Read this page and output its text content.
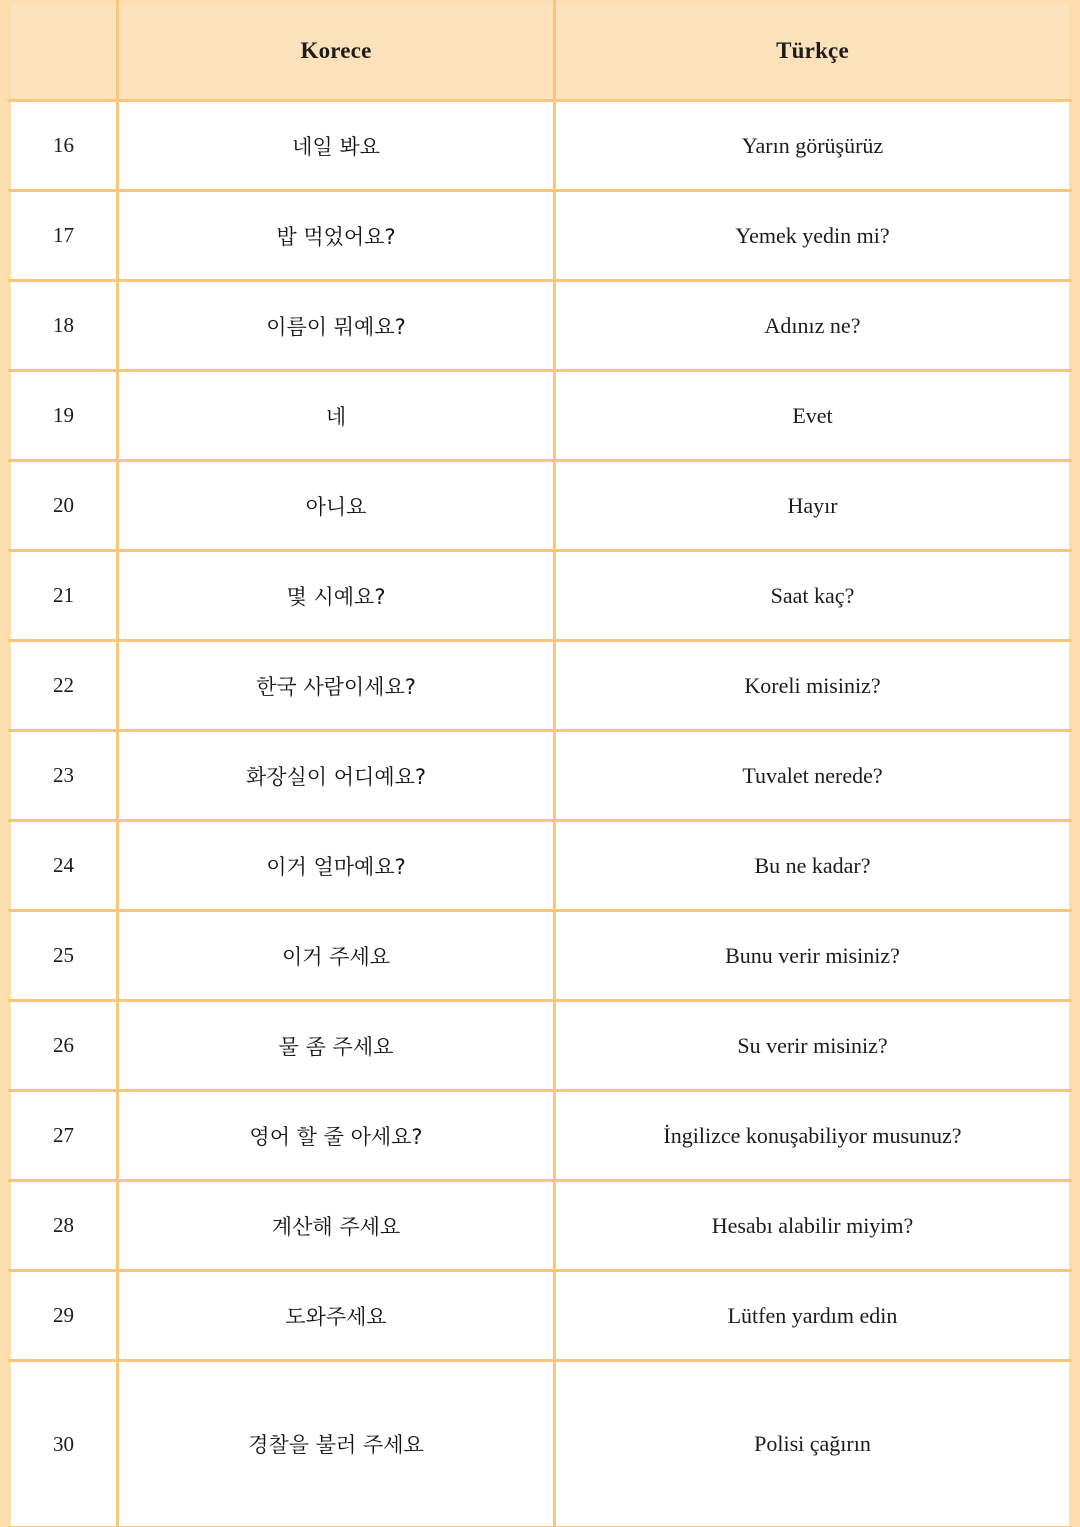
	Korece	Türkçe
16	네일 봐요	Yarın görüşürüz
17	밥 먹었어요?	Yemek yedin mi?
18	이름이 뭐예요?	Adınız ne?
19	네	Evet
20	아니요	Hayır
21	몇 시예요?	Saat kaç?
22	한국 사람이세요?	Koreli misiniz?
23	화장실이 어디예요?	Tuvalet nerede?
24	이거 얼마예요?	Bu ne kadar?
25	이거 주세요	Bunu verir misiniz?
26	물 좀 주세요	Su verir misiniz?
27	영어 할 줄 아세요?	İngilizce konuşabiliyor musunuz?
28	계산해 주세요	Hesabı alabilir miyim?
29	도와주세요	Lütfen yardım edin
30	경찰을 불러 주세요	Polisi çağırın
